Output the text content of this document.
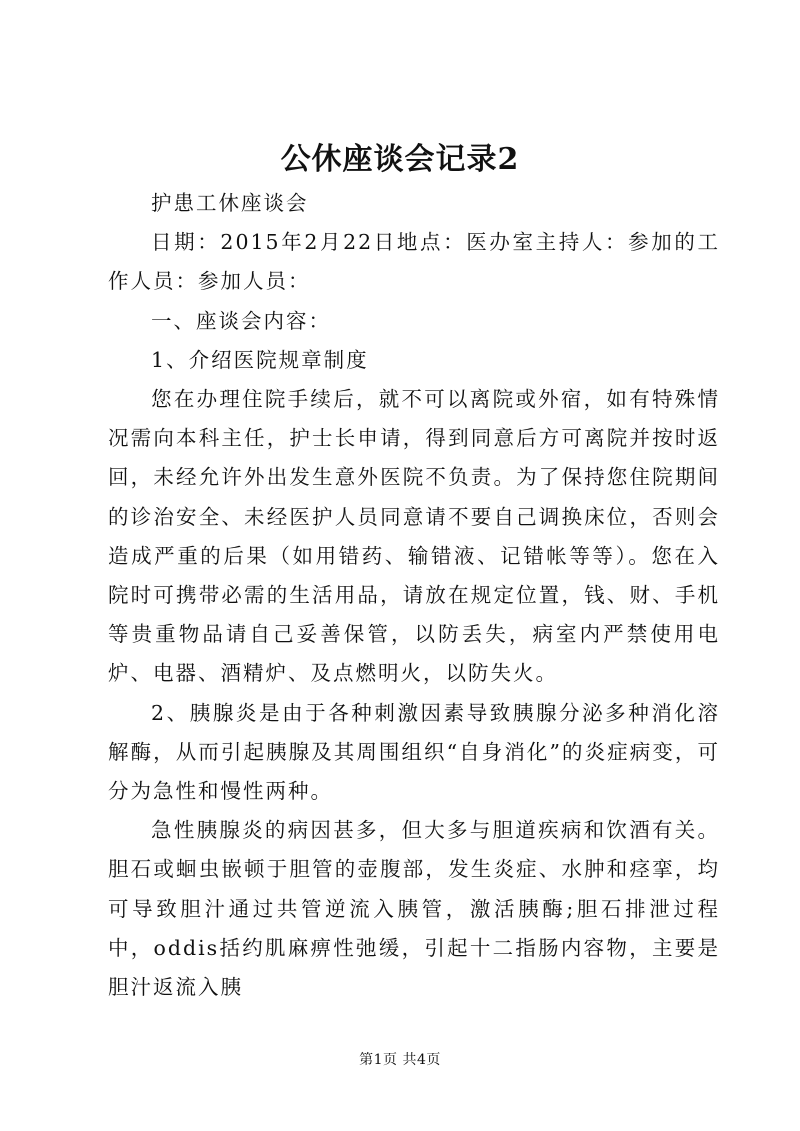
公休座谈会记录2

护患工休座谈会

日期：2015年2月22日地点：医办室主持人：参加的工作人员：参加人员：

一、座谈会内容：

1、介绍医院规章制度

您在办理住院手续后，就不可以离院或外宿，如有特殊情况需向本科主任，护士长申请，得到同意后方可离院并按时返回，未经允许外出发生意外医院不负责。为了保持您住院期间的诊治安全、未经医护人员同意请不要自己调换床位，否则会造成严重的后果（如用错药、输错液、记错帐等等）。您在入院时可携带必需的生活用品，请放在规定位置，钱、财、手机等贵重物品请自己妥善保管，以防丢失，病室内严禁使用电炉、电器、酒精炉、及点燃明火，以防失火。

2、胰腺炎是由于各种刺激因素导致胰腺分泌多种消化溶解酶，从而引起胰腺及其周围组织“自身消化”的炎症病变，可分为急性和慢性两种。

急性胰腺炎的病因甚多，但大多与胆道疾病和饮酒有关。胆石或蛔虫嵌顿于胆管的壶腹部，发生炎症、水肿和痉挛，均可导致胆汁通过共管逆流入胰管，激活胰酶;胆石排泄过程中，oddis括约肌麻痹性弛缓，引起十二指肠内容物，主要是胆汁返流入胰

第1页 共4页
